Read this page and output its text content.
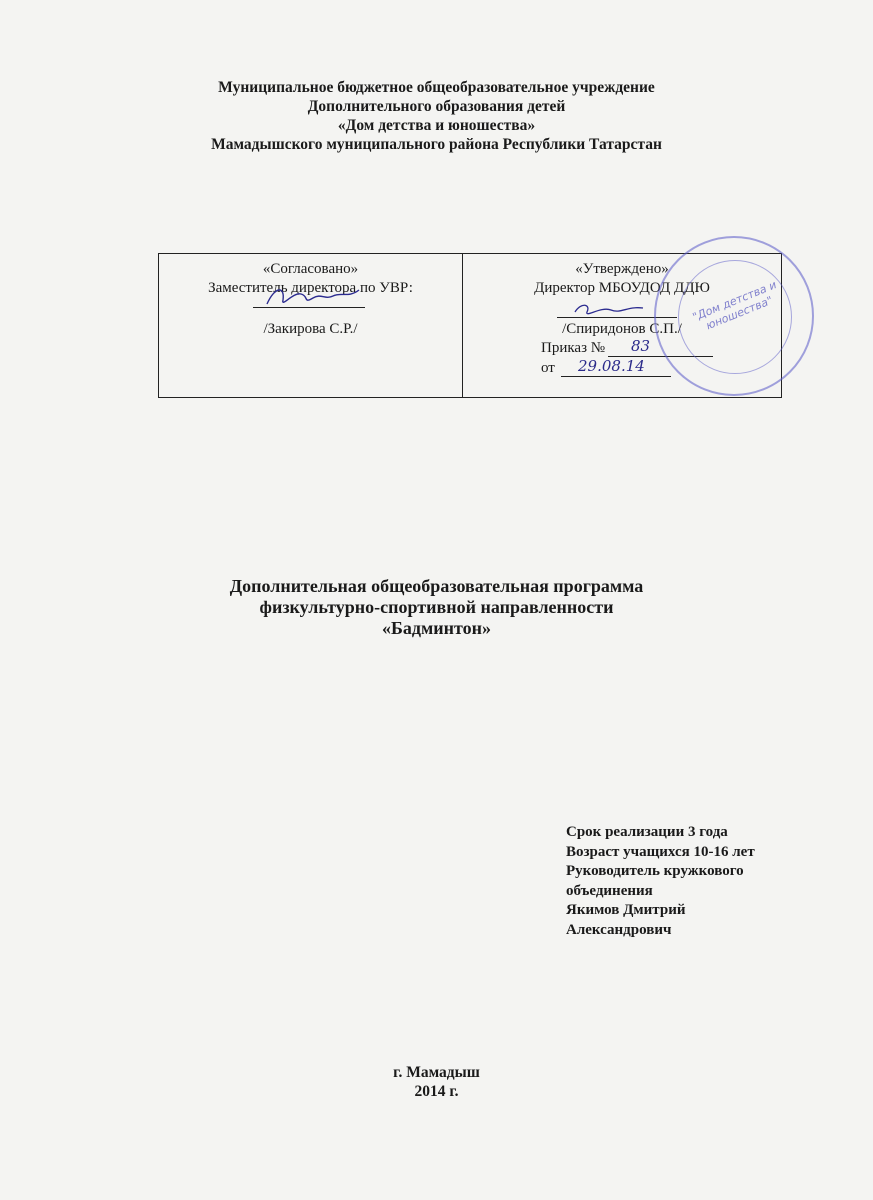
Муниципальное бюджетное общеобразовательное учреждение
Дополнительного образования детей
«Дом детства и юношества»
Мамадышского муниципального района Республики Татарстан
«Согласовано»
Заместитель директора по УВР:
/Закирова С.Р./
«Утверждено»
Директор МБОУДОД ДДЮ
/Спиридонов С.П./
Приказ № 83
от 29.08.14
"Дом детства и юношества"
Дополнительная общеобразовательная программа
физкультурно-спортивной направленности
«Бадминтон»
Срок реализации 3 года
Возраст учащихся 10-16 лет
Руководитель кружкового
объединения
Якимов Дмитрий
Александрович
г. Мамадыш
2014 г.
